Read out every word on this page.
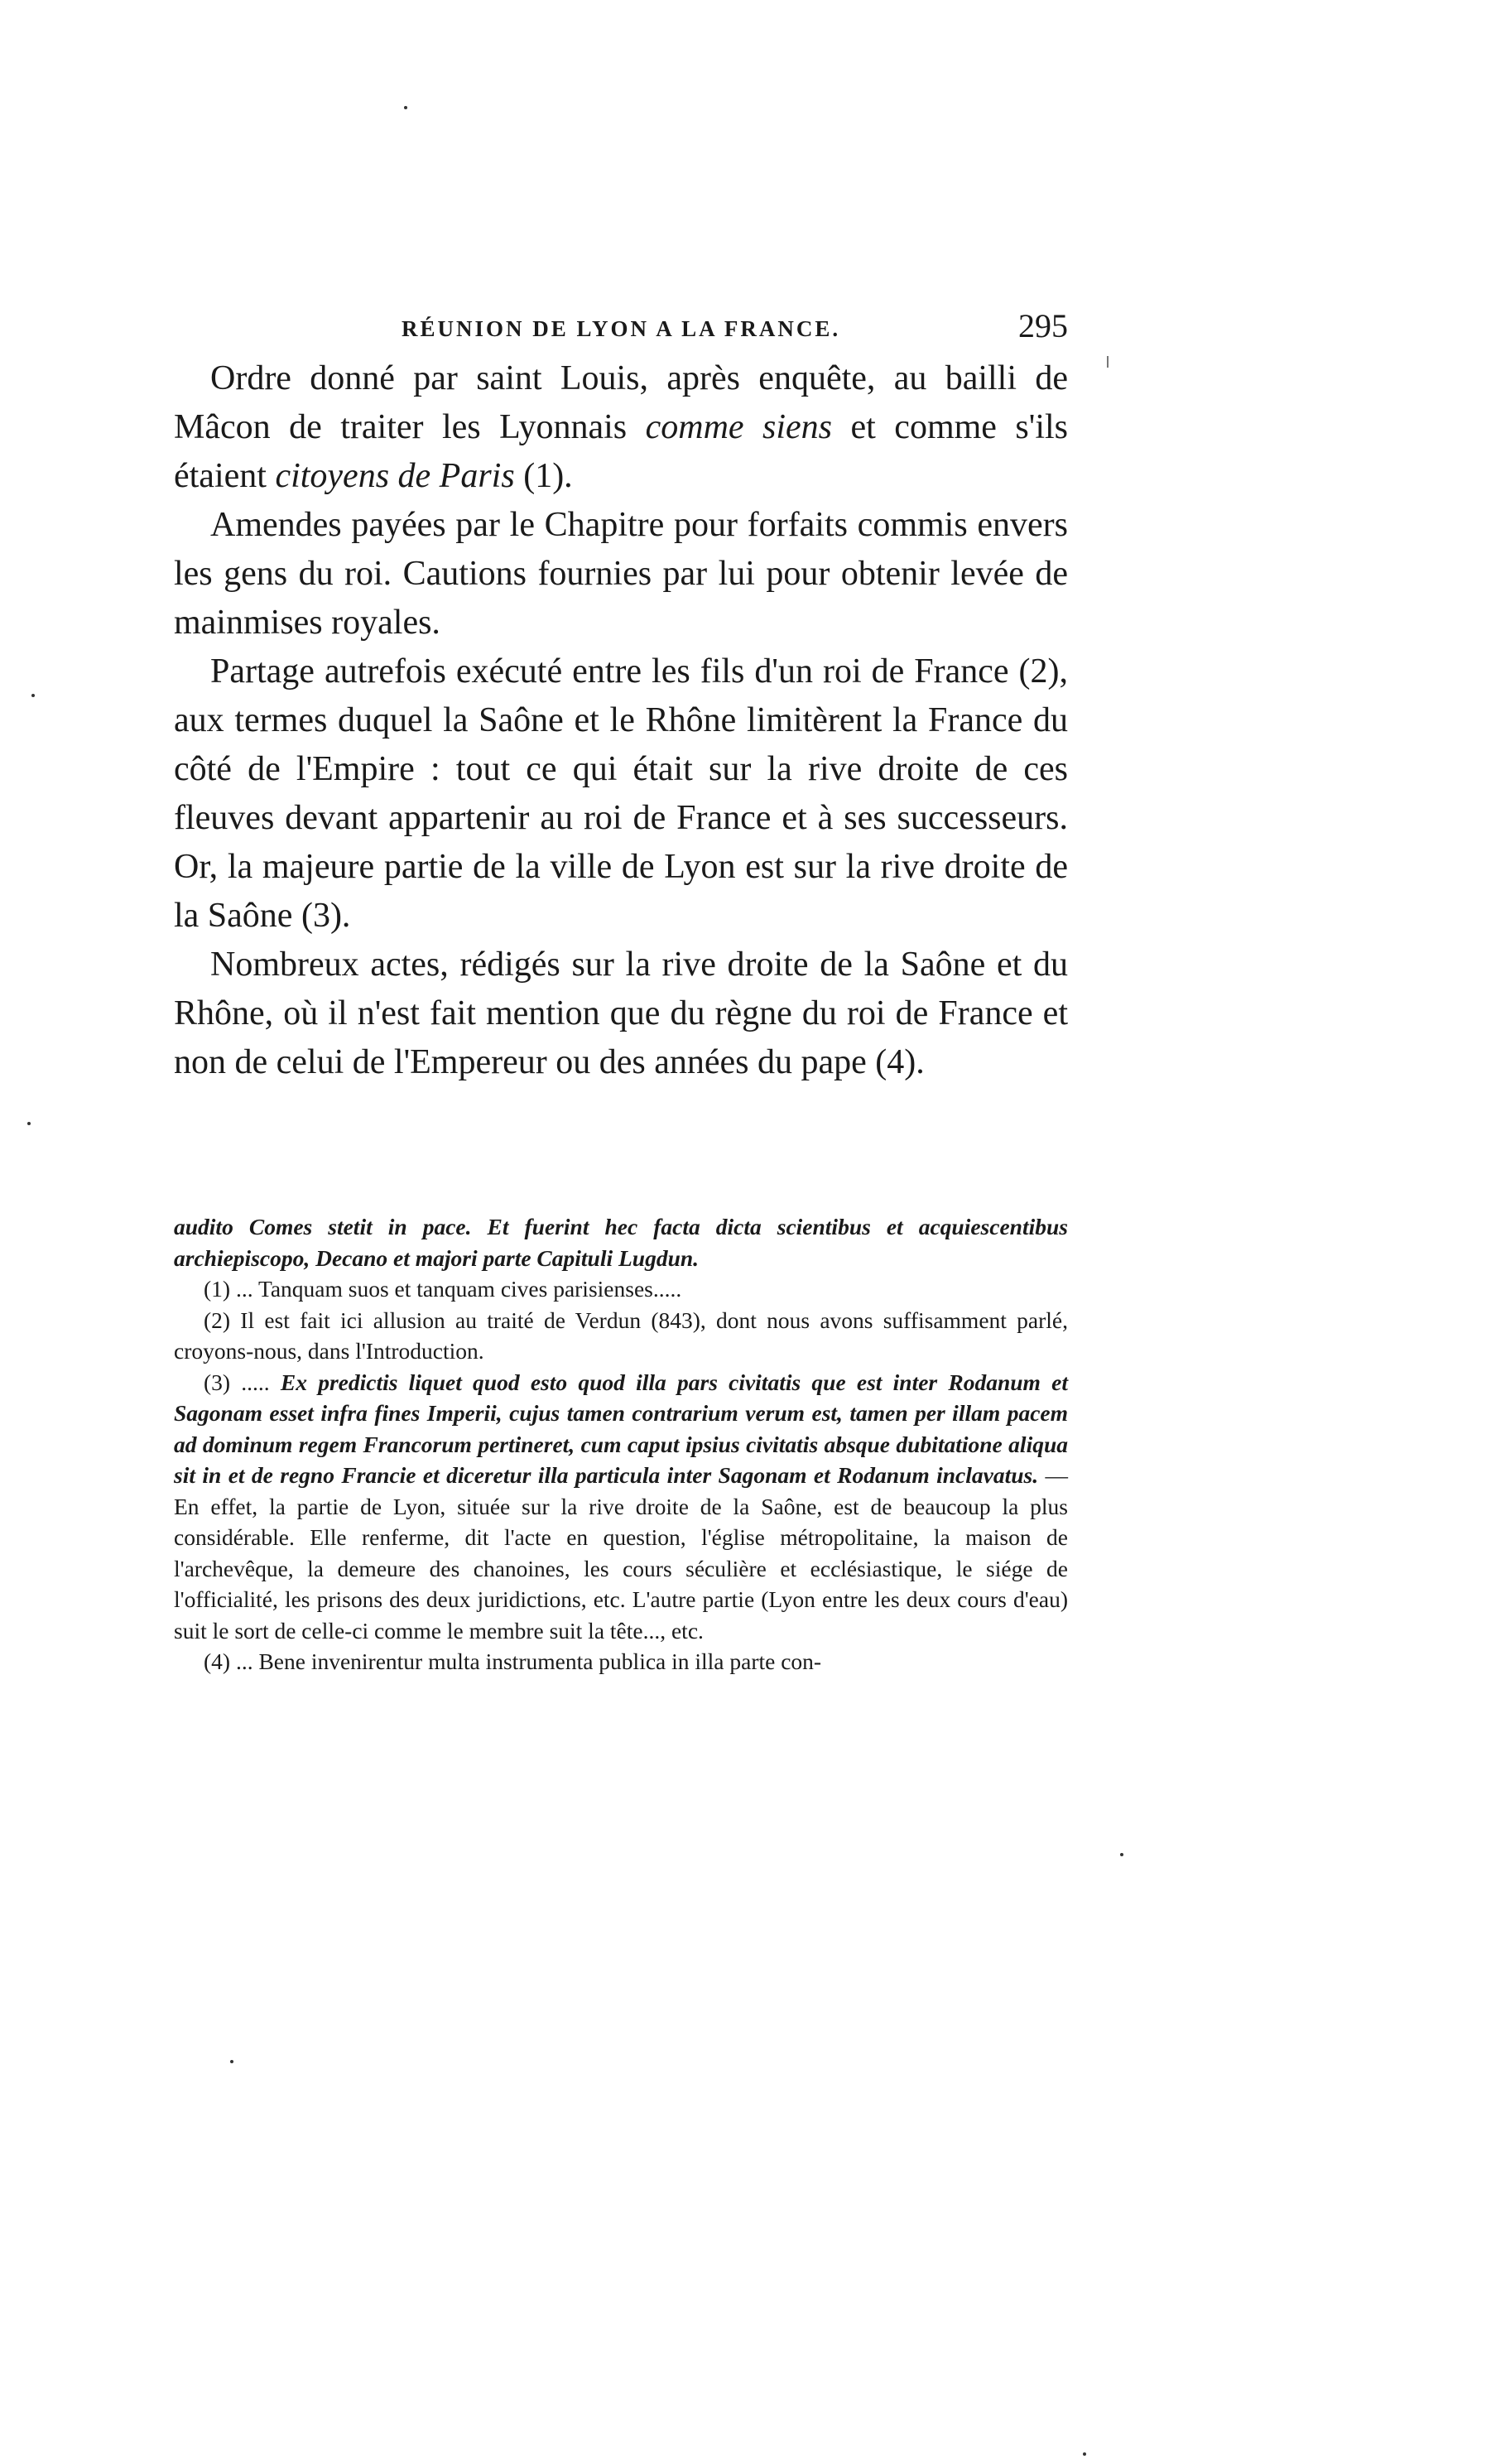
RÉUNION DE LYON A LA FRANCE.	295

Ordre donné par saint Louis, après enquête, au bailli de Mâcon de traiter les Lyonnais comme siens et comme s'ils étaient citoyens de Paris (1).

Amendes payées par le Chapitre pour forfaits commis envers les gens du roi. Cautions fournies par lui pour obtenir levée de mainmises royales.

Partage autrefois exécuté entre les fils d'un roi de France (2), aux termes duquel la Saône et le Rhône limitèrent la France du côté de l'Empire : tout ce qui était sur la rive droite de ces fleuves devant appartenir au roi de France et à ses successeurs. Or, la majeure partie de la ville de Lyon est sur la rive droite de la Saône (3).

Nombreux actes, rédigés sur la rive droite de la Saône et du Rhône, où il n'est fait mention que du règne du roi de France et non de celui de l'Empereur ou des années du pape (4).

audito Comes stetit in pace. Et fuerint hec facta dicta scientibus et acquiescentibus archiepiscopo, Decano et majori parte Capituli Lugdun.

(1) ... Tanquam suos et tanquam cives parisienses.....

(2) Il est fait ici allusion au traité de Verdun (843), dont nous avons suffisamment parlé, croyons-nous, dans l'Introduction.

(3) ..... Ex predictis liquet quod esto quod illa pars civitatis que est inter Rodanum et Sagonam esset infra fines Imperii, cujus tamen contrarium verum est, tamen per illam pacem ad dominum regem Francorum pertineret, cum caput ipsius civitatis absque dubitatione aliqua sit in et de regno Francie et diceretur illa particula inter Sagonam et Rodanum inclavatus. — En effet, la partie de Lyon, située sur la rive droite de la Saône, est de beaucoup la plus considérable. Elle renferme, dit l'acte en question, l'église métropolitaine, la maison de l'archevêque, la demeure des chanoines, les cours séculière et ecclésiastique, le siége de l'officialité, les prisons des deux juridictions, etc. L'autre partie (Lyon entre les deux cours d'eau) suit le sort de celle-ci comme le membre suit la tête..., etc.

(4) ... Bene invenirentur multa instrumenta publica in illa parte con-
